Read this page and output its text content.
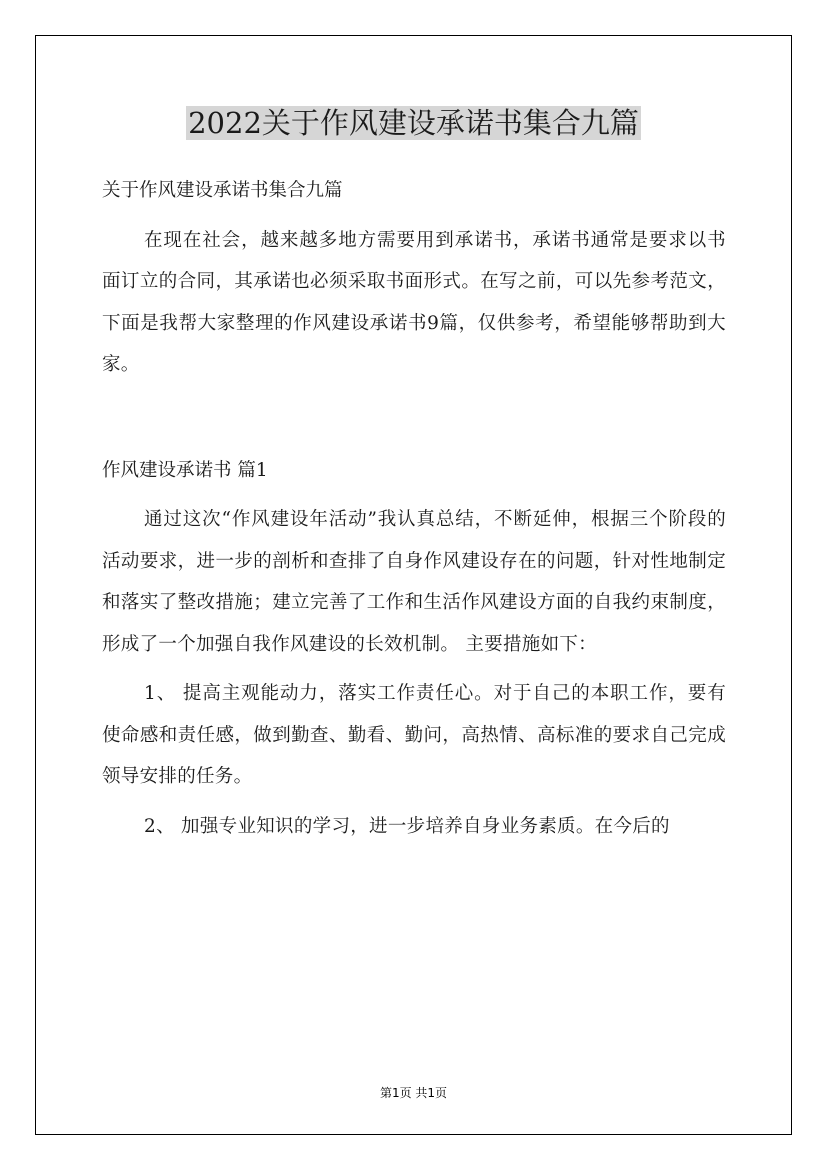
2022关于作风建设承诺书集合九篇

关于作风建设承诺书集合九篇

在现在社会，越来越多地方需要用到承诺书，承诺书通常是要求以书面订立的合同，其承诺也必须采取书面形式。在写之前，可以先参考范文，下面是我帮大家整理的作风建设承诺书9篇，仅供参考，希望能够帮助到大家。

作风建设承诺书 篇1

通过这次“作风建设年活动”我认真总结，不断延伸，根据三个阶段的活动要求，进一步的剖析和查排了自身作风建设存在的问题，针对性地制定和落实了整改措施；建立完善了工作和生活作风建设方面的自我约束制度，形成了一个加强自我作风建设的长效机制。 主要措施如下：

1、 提高主观能动力，落实工作责任心。对于自己的本职工作，要有使命感和责任感，做到勤查、勤看、勤问，高热情、高标准的要求自己完成领导安排的任务。

2、 加强专业知识的学习，进一步培养自身业务素质。在今后的

第1页 共1页
